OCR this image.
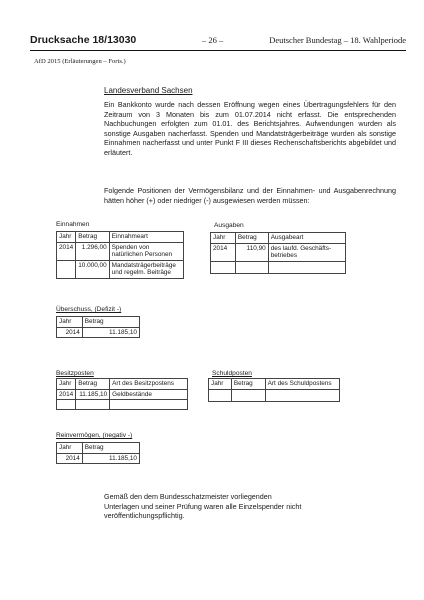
Drucksache 18/13030	– 26 –	Deutscher Bundestag – 18. Wahlperiode
AfD 2015 (Erläuterungen – Forts.)
Landesverband Sachsen
Ein Bankkonto wurde nach dessen Eröffnung wegen eines Übertragungsfehlers für den Zeitraum von 3 Monaten bis zum 01.07.2014 nicht erfasst. Die entsprechenden Nachbuchungen erfolgten zum 01.01. des Berichtsjahres. Aufwendungen wurden als sonstige Ausgaben nacherfasst. Spenden und Mandatsträgerbeiträge wurden als sonstige Einnahmen nacherfasst und unter Punkt F III dieses Rechenschaftsberichts abgebildet und erläutert.
Folgende Positionen der Vermögensbilanz und der Einnahmen- und Ausgabenrechnung hätten höher (+) oder niedriger (-) ausgewiesen werden müssen:
Einnahmen
Jahr	Betrag	Einnahmeart
2014	1.296,00	Spenden von natürlichen Personen
	10.000,00	Mandatsträgerbeiträge und regelm. Beiträge
Ausgaben
Jahr	Betrag	Ausgabeart
2014	110,90	des laufd. Geschäfts-betriebes

Überschuss, (Defizit -)
Jahr	Betrag
2014	11.185,10
Besitzposten
Jahr	Betrag	Art des Besitzpostens
2014	11.185,10	Geldbestände

Schuldposten
Jahr	Betrag	Art des Schuldpostens

Reinvermögen, (negativ -)
Jahr	Betrag
2014	11.185,10
Gemäß den dem Bundesschatzmeister vorliegenden Unterlagen und seiner Prüfung waren alle Einzelspender nicht veröffentlichungspflichtig.
